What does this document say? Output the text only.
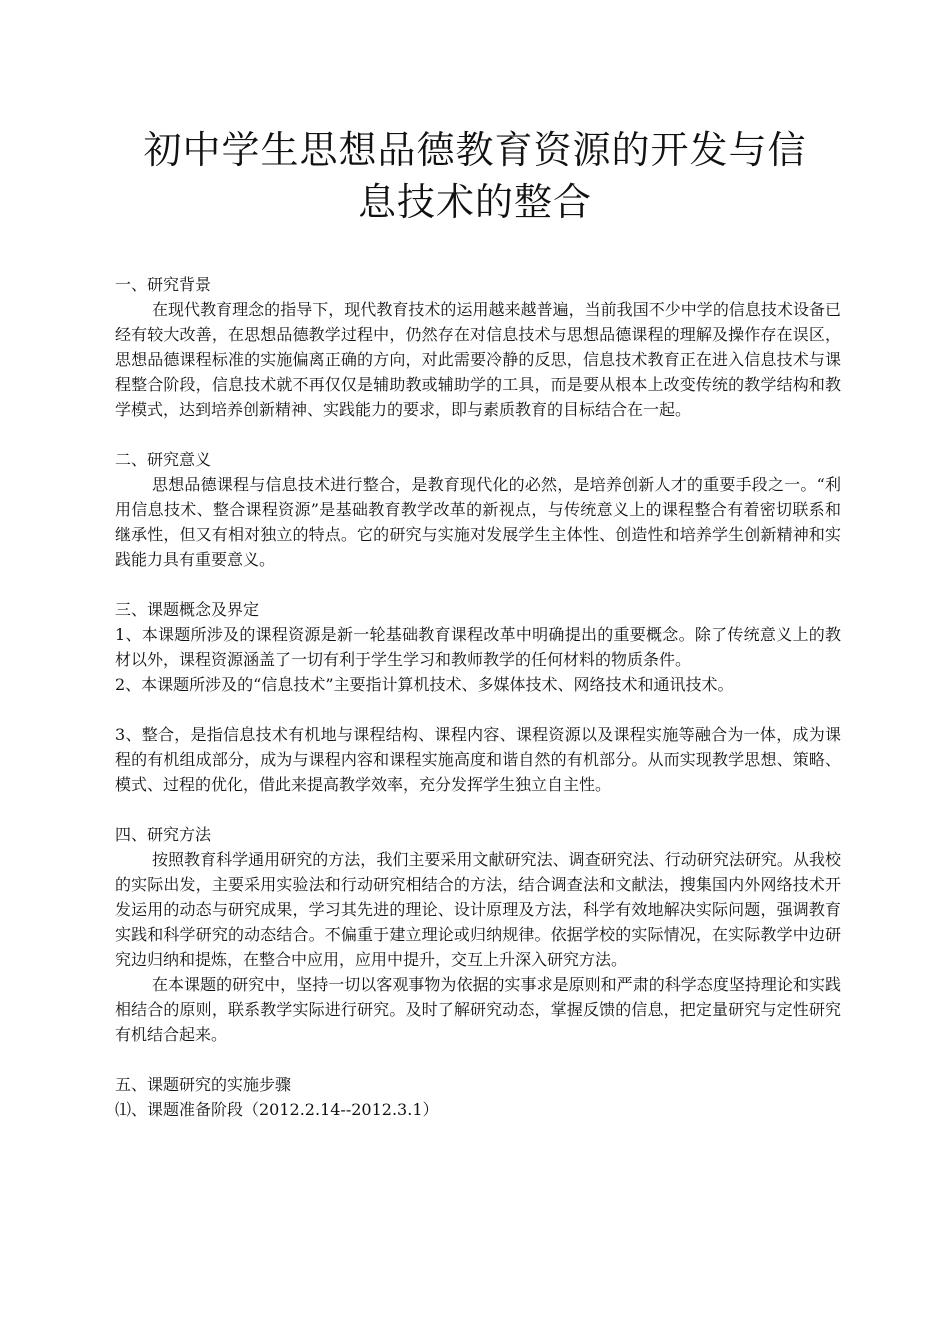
初中学生思想品德教育资源的开发与信
息技术的整合

一、研究背景

在现代教育理念的指导下，现代教育技术的运用越来越普遍，当前我国不少中学的信息技术设备已经有较大改善，在思想品德教学过程中，仍然存在对信息技术与思想品德课程的理解及操作存在误区，思想品德课程标准的实施偏离正确的方向，对此需要冷静的反思，信息技术教育正在进入信息技术与课程整合阶段，信息技术就不再仅仅是辅助教或辅助学的工具，而是要从根本上改变传统的教学结构和教学模式，达到培养创新精神、实践能力的要求，即与素质教育的目标结合在一起。

二、研究意义

思想品德课程与信息技术进行整合，是教育现代化的必然，是培养创新人才的重要手段之一。“利用信息技术、整合课程资源”是基础教育教学改革的新视点，与传统意义上的课程整合有着密切联系和继承性，但又有相对独立的特点。它的研究与实施对发展学生主体性、创造性和培养学生创新精神和实践能力具有重要意义。

三、课题概念及界定

1、本课题所涉及的课程资源是新一轮基础教育课程改革中明确提出的重要概念。除了传统意义上的教材以外，课程资源涵盖了一切有利于学生学习和教师教学的任何材料的物质条件。

2、本课题所涉及的“信息技术”主要指计算机技术、多媒体技术、网络技术和通讯技术。

3、整合，是指信息技术有机地与课程结构、课程内容、课程资源以及课程实施等融合为一体，成为课程的有机组成部分，成为与课程内容和课程实施高度和谐自然的有机部分。从而实现教学思想、策略、模式、过程的优化，借此来提高教学效率，充分发挥学生独立自主性。

四、研究方法

按照教育科学通用研究的方法，我们主要采用文献研究法、调查研究法、行动研究法研究。从我校的实际出发，主要采用实验法和行动研究相结合的方法，结合调查法和文献法，搜集国内外网络技术开发运用的动态与研究成果，学习其先进的理论、设计原理及方法，科学有效地解决实际问题，强调教育实践和科学研究的动态结合。不偏重于建立理论或归纳规律。依据学校的实际情况，在实际教学中边研究边归纳和提炼，在整合中应用，应用中提升，交互上升深入研究方法。

在本课题的研究中，坚持一切以客观事物为依据的实事求是原则和严肃的科学态度坚持理论和实践相结合的原则，联系教学实际进行研究。及时了解研究动态，掌握反馈的信息，把定量研究与定性研究有机结合起来。

五、课题研究的实施步骤

⑴、课题准备阶段（2012.2.14--2012.3.1）
